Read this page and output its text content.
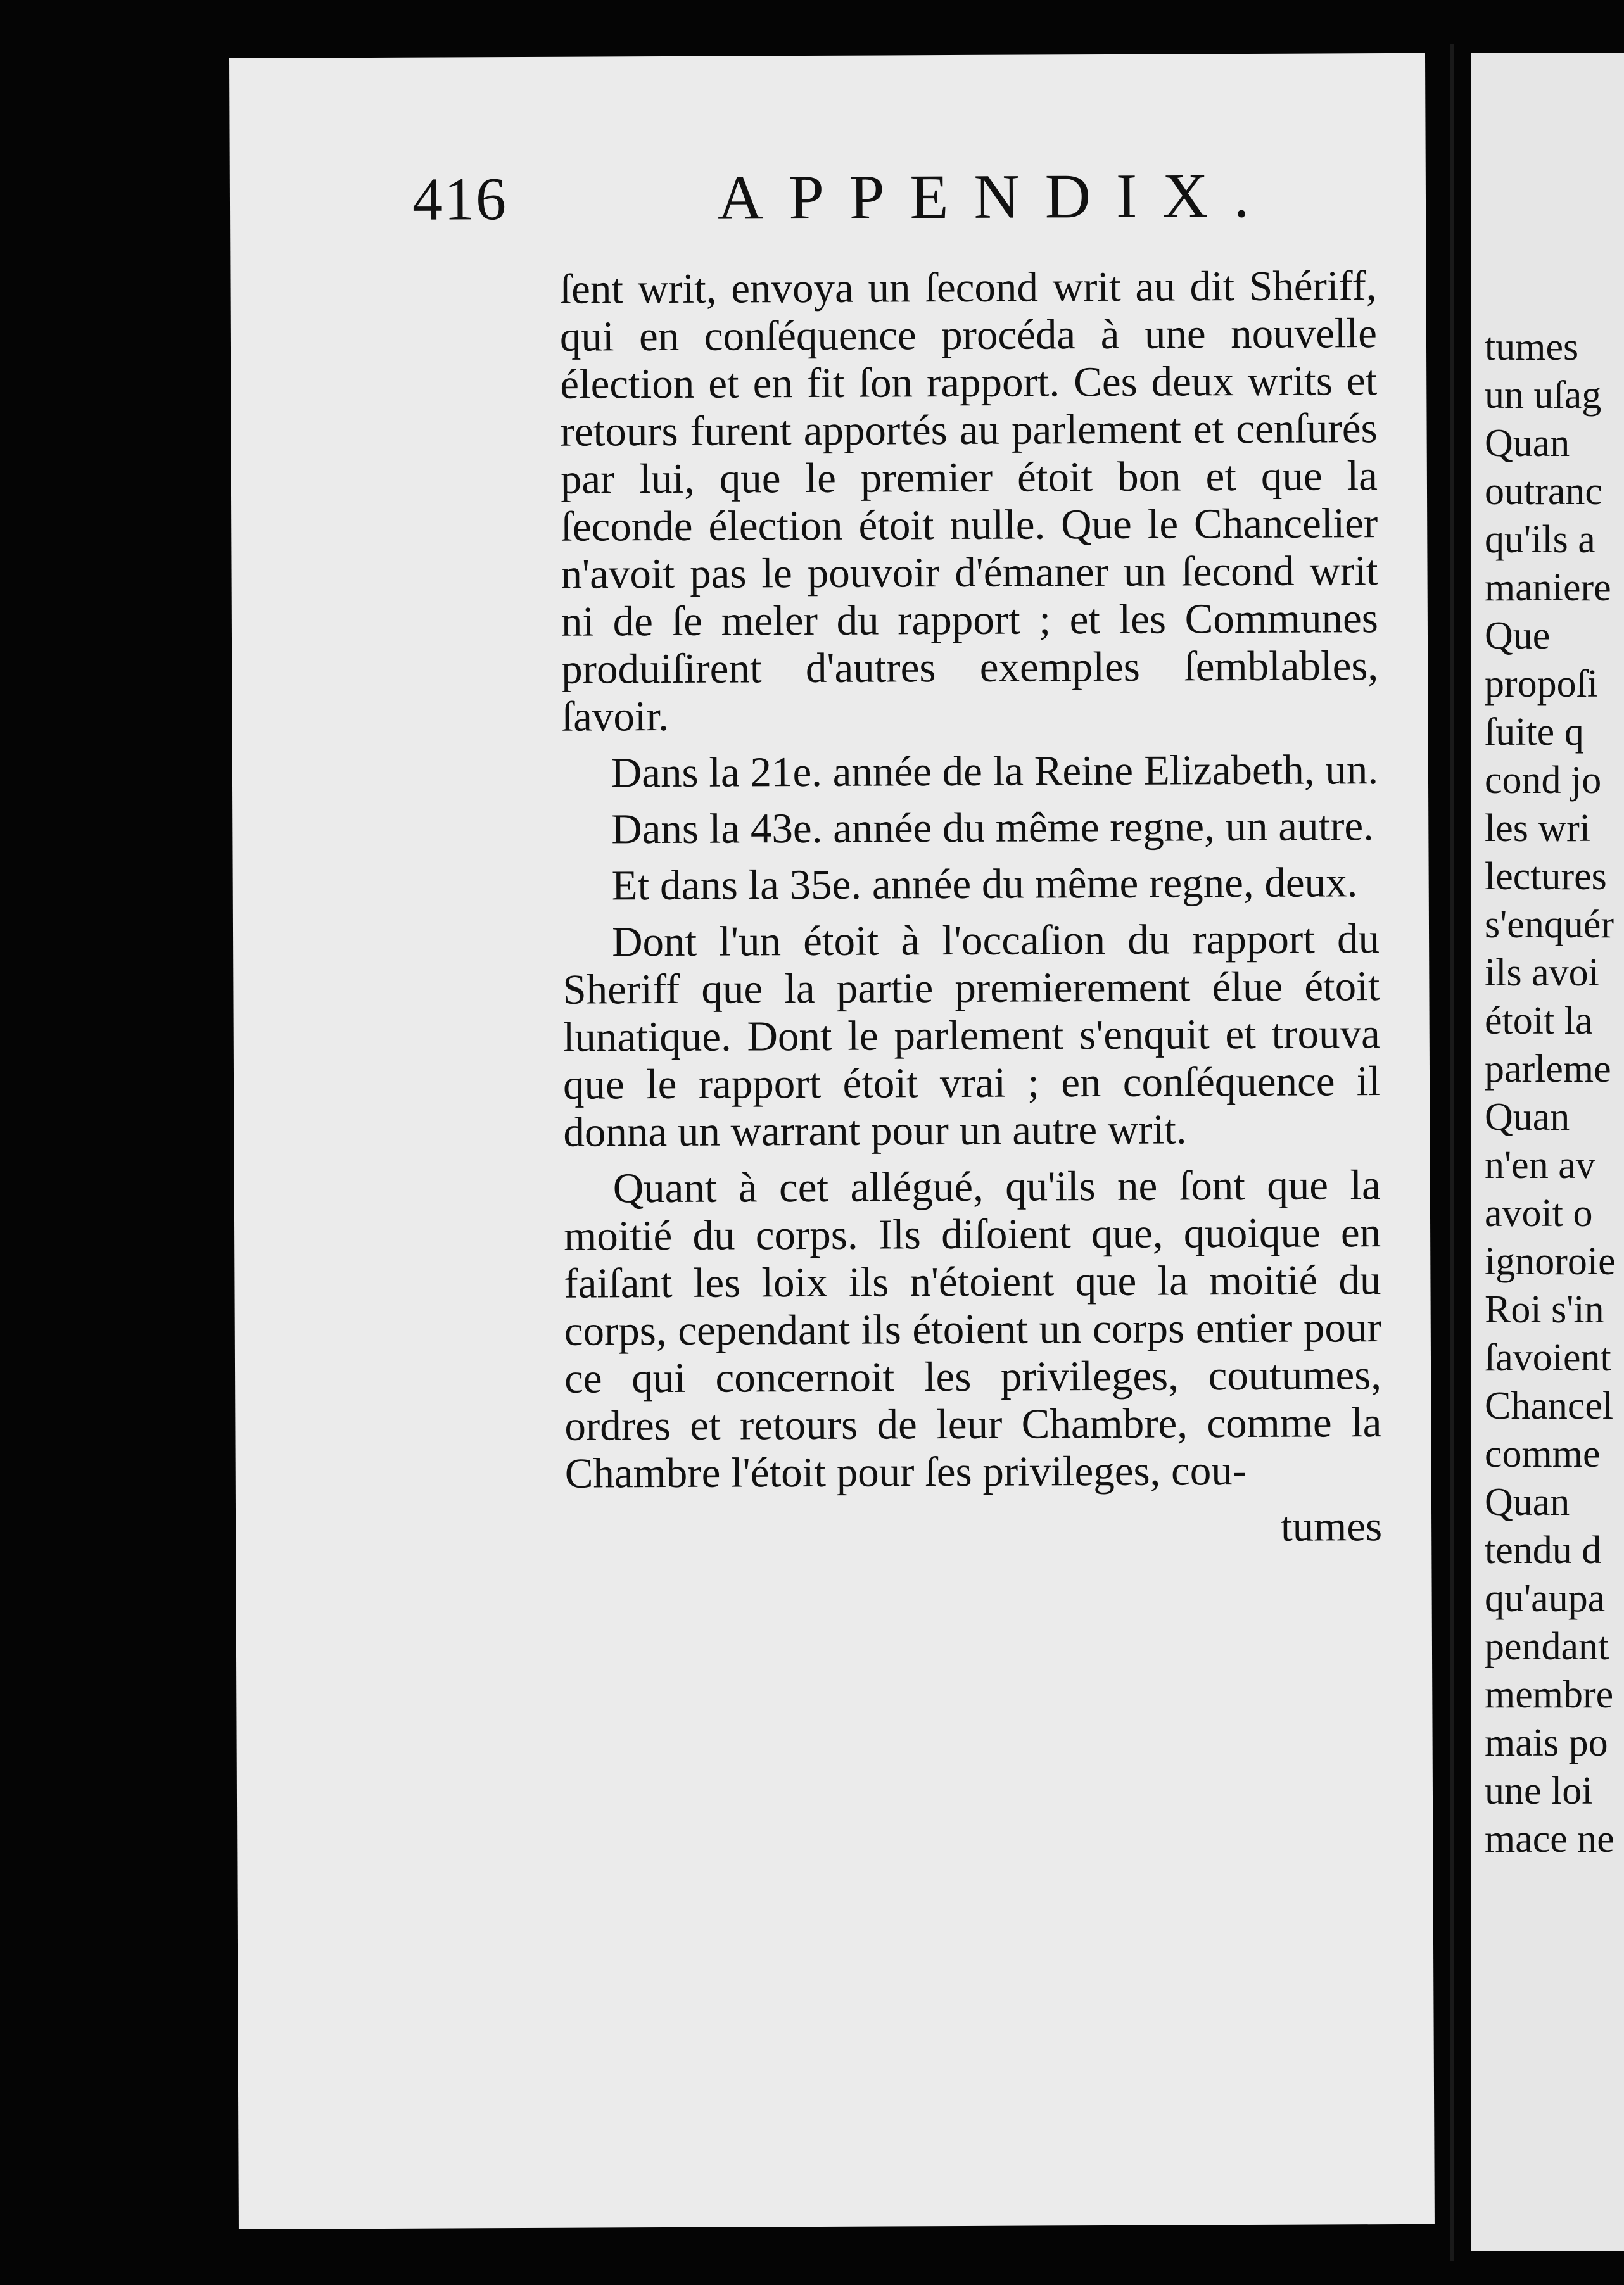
416	APPENDIX.

ſent writ, envoya un ſecond writ au dit Shériff, qui en conſéquence procéda à une nouvelle élection et en fit ſon rapport. Ces deux writs et retours furent apportés au parlement et cenſurés par lui, que le premier étoit bon et que la ſeconde élection étoit nulle. Que le Chancelier n'avoit pas le pouvoir d'émaner un ſecond writ ni de ſe meler du rapport ; et les Communes produiſirent d'autres exemples ſemblables, ſavoir.

Dans la 21e. année de la Reine Elizabeth, un.

Dans la 43e. année du même regne, un autre.

Et dans la 35e. année du même regne, deux.

Dont l'un étoit à l'occaſion du rapport du Sheriff que la partie premierement élue étoit lunatique. Dont le parlement s'enquit et trouva que le rapport étoit vrai ; en conſéquence il donna un warrant pour un autre writ.

Quant à cet allégué, qu'ils ne ſont que la moitié du corps. Ils diſoient que, quoique en faiſant les loix ils n'étoient que la moitié du corps, cependant ils étoient un corps entier pour ce qui concernoit les privileges, coutumes, ordres et retours de leur Chambre, comme la Chambre l'étoit pour ſes privileges, cou-

tumes

tumes
un uſag
Quan
outranc
qu'ils a
maniere
Que
propoſi
ſuite q
cond jo
les wri
lectures
s'enquér
ils avoi
étoit la
parleme
Quan
n'en av
avoit o
ignoroie
Roi s'in
ſavoient
Chancel
comme
Quan
tendu d
qu'aupa
pendant
membre
mais po
une loi
mace ne
